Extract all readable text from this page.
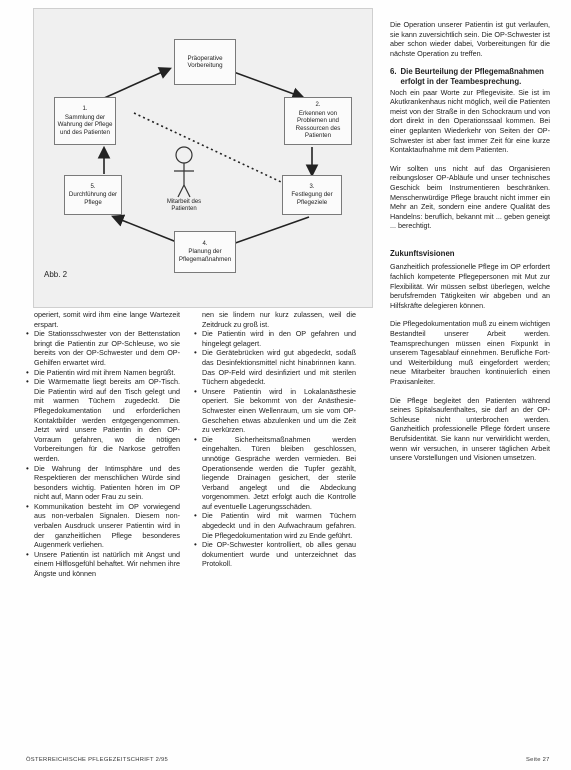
Präoperative Vorbereitung
1.
Sammlung der Wahrung der Pflege und des Patienten
2.
Erkennen von Problemen und Ressourcen des Patienten
5.
Durchführung der Pflege
3.
Festlegung der Pflegeziele
4.
Planung der Pflegemaßnahmen
Mitarbeit des Patienten
Abb. 2
operiert, somit wird ihm eine lange Wartezeit erspart.
• Die Stationsschwester von der Bettenstation bringt die Patientin zur OP-Schleuse, wo sie bereits von der OP-Schwester und dem OP-Gehilfen erwartet wird.
• Die Patientin wird mit ihrem Namen begrüßt.
• Die Wärmematte liegt bereits am OP-Tisch. Die Patientin wird auf den Tisch gelegt und mit warmen Tüchern zugedeckt. Die Pflegedokumentation und erforderlichen Kontaktbilder werden entgegengenommen. Jetzt wird unsere Patientin in den OP-Vorraum gefahren, wo die nötigen Vorbereitungen für die Narkose getroffen werden.
• Die Wahrung der Intimsphäre und des Respektieren der menschlichen Würde sind besonders wichtig. Patienten hören im OP nicht auf, Mann oder Frau zu sein.
• Kommunikation besteht im OP vorwiegend aus non-verbalen Signalen. Diesem non-verbalen Ausdruck unserer Patientin wird in der ganzheitlichen Pflege besonderes Augenmerk verliehen.
• Unsere Patientin ist natürlich mit Angst und einem Hilflosgefühl behaftet. Wir nehmen ihre Ängste und können
nen sie lindern nur kurz zulassen, weil die Zeitdruck zu groß ist.
• Die Patientin wird in den OP gefahren und hingelegt gelagert.
• Die Gerätebrücken wird gut abgedeckt, sodaß das Desinfektionsmittel nicht hinabrinnen kann. Das OP-Feld wird desinfiziert und mit sterilen Tüchern abgedeckt.
• Unsere Patientin wird in Lokalanästhesie operiert. Sie bekommt von der Anästhesie-Schwester einen Wellenraum, um sie vom OP-Geschehen etwas abzulenken und um die Zeit zu verkürzen.
• Die Sicherheitsmaßnahmen werden eingehalten. Türen bleiben geschlossen, unnötige Gespräche werden vermieden. Bei Operationsende werden die Tupfer gezählt, liegende Drainagen gesichert, der sterile Verband angelegt und die Abdeckung vorgenommen. Jetzt erfolgt auch die Kontrolle auf eventuelle Lagerungsschäden.
• Die Patientin wird mit warmen Tüchern abgedeckt und in den Aufwachraum gefahren. Die Pflegedokumentation wird zu Ende geführt.
• Die OP-Schwester kontrolliert, ob alles genau dokumentiert wurde und unterzeichnet das Protokoll.

Die Operation unserer Patientin ist gut verlaufen, sie kann zuversichtlich sein. Die OP-Schwester ist aber schon wieder dabei, Vorbereitungen für die nächste Operation zu treffen.

6. Die Beurteilung der Pflegemaßnahmen erfolgt in der Teambesprechung.

Noch ein paar Worte zur Pflegevisite. Sie ist im Akutkrankenhaus nicht möglich, weil die Patienten meist von der Straße in den Schockraum und von dort direkt in den Operationssaal kommen. Bei einer geplanten Wiederkehr von Seiten der OP-Schwester ist aber fast immer Zeit für eine kurze Kontaktaufnahme mit dem Patienten.

Wir sollten uns nicht auf das Organisieren reibungsloser OP-Abläufe und unser technisches Geschick beim Instrumentieren beschränken. Menschenwürdige Pflege braucht nicht immer ein Mehr an Zeit, sondern eine andere Qualität des Handelns: beruflich, bekannt mit ... geben geneigt ... berechtigt.

Zukunftsvisionen

Ganzheitlich professionelle Pflege im OP erfordert fachlich kompetente Pflegepersonen mit Mut zur Flexibilität. Wir müssen selbst überlegen, welche berufsfremden Tätigkeiten wir abgeben und an Hilfskräfte delegieren können.

Die Pflegedokumentation muß zu einem wichtigen Bestandteil unserer Arbeit werden. Teamsprechungen müssen einen Fixpunkt in unserem Tagesablauf einnehmen. Berufliche Fort- und Weiterbildung muß eingefordert werden; neue Mitarbeiter brauchen kontinuierlich einen Praxisanleiter.

Die Pflege begleitet den Patienten während seines Spitalsaufenthaltes, sie darf an der OP-Schleuse nicht unterbrochen werden. Ganzheitlich professionelle Pflege fördert unsere Berufsidentität. Sie kann nur verwirklicht werden, wenn wir versuchen, in unserer täglichen Arbeit unsere Vorstellungen und Visionen umsetzen.

ÖSTERREICHISCHE PFLEGEZEITSCHRIFT 2/95	Seite 27
